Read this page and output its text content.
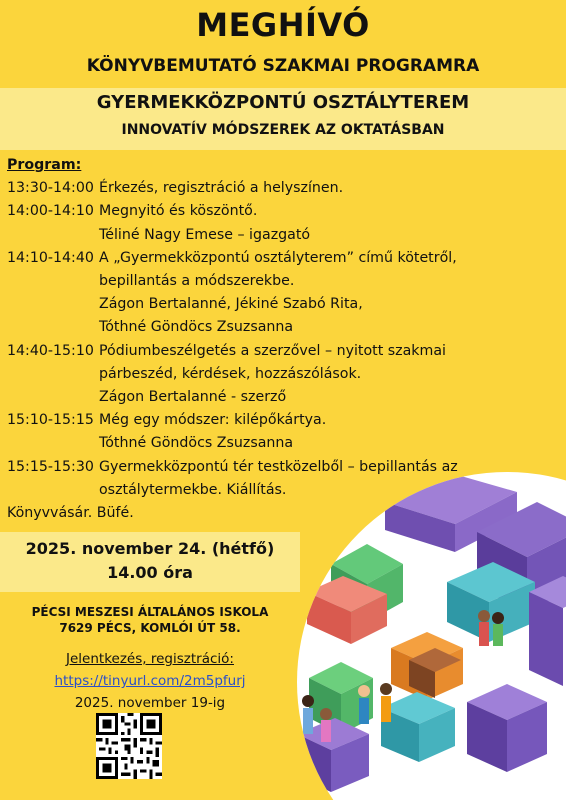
MEGHÍVÓ
KÖNYVBEMUTATÓ SZAKMAI PROGRAMRA
GYERMEKKÖZPONTÚ OSZTÁLYTEREM
INNOVATÍV MÓDSZEREK AZ OKTATÁSBAN
Program:
13:30-14:00 Érkezés, regisztráció a helyszínen.
14:00-14:10 Megnyitó és köszöntő.
Téliné Nagy Emese – igazgató
14:10-14:40 A „Gyermekközpontú osztályterem” című kötetről,
bepillantás a módszerekbe.
Zágon Bertalanné, Jékiné Szabó Rita,
Tóthné Göndöcs Zsuzsanna
14:40-15:10 Pódiumbeszélgetés a szerzővel – nyitott szakmai
párbeszéd, kérdések, hozzászólások.
Zágon Bertalanné - szerző
15:10-15:15 Még egy módszer: kilépőkártya.
Tóthné Göndöcs Zsuzsanna
15:15-15:30 Gyermekközpontú tér testközelből – bepillantás az
osztálytermekbe. Kiállítás.
Könyvvásár. Büfé.
2025. november 24. (hétfő)
14.00 óra
PÉCSI MESZESI ÁLTALÁNOS ISKOLA
7629 PÉCS, KOMLÓI ÚT 58.
Jelentkezés, regisztráció:
https://tinyurl.com/2m5pfurj
2025. november 19-ig
